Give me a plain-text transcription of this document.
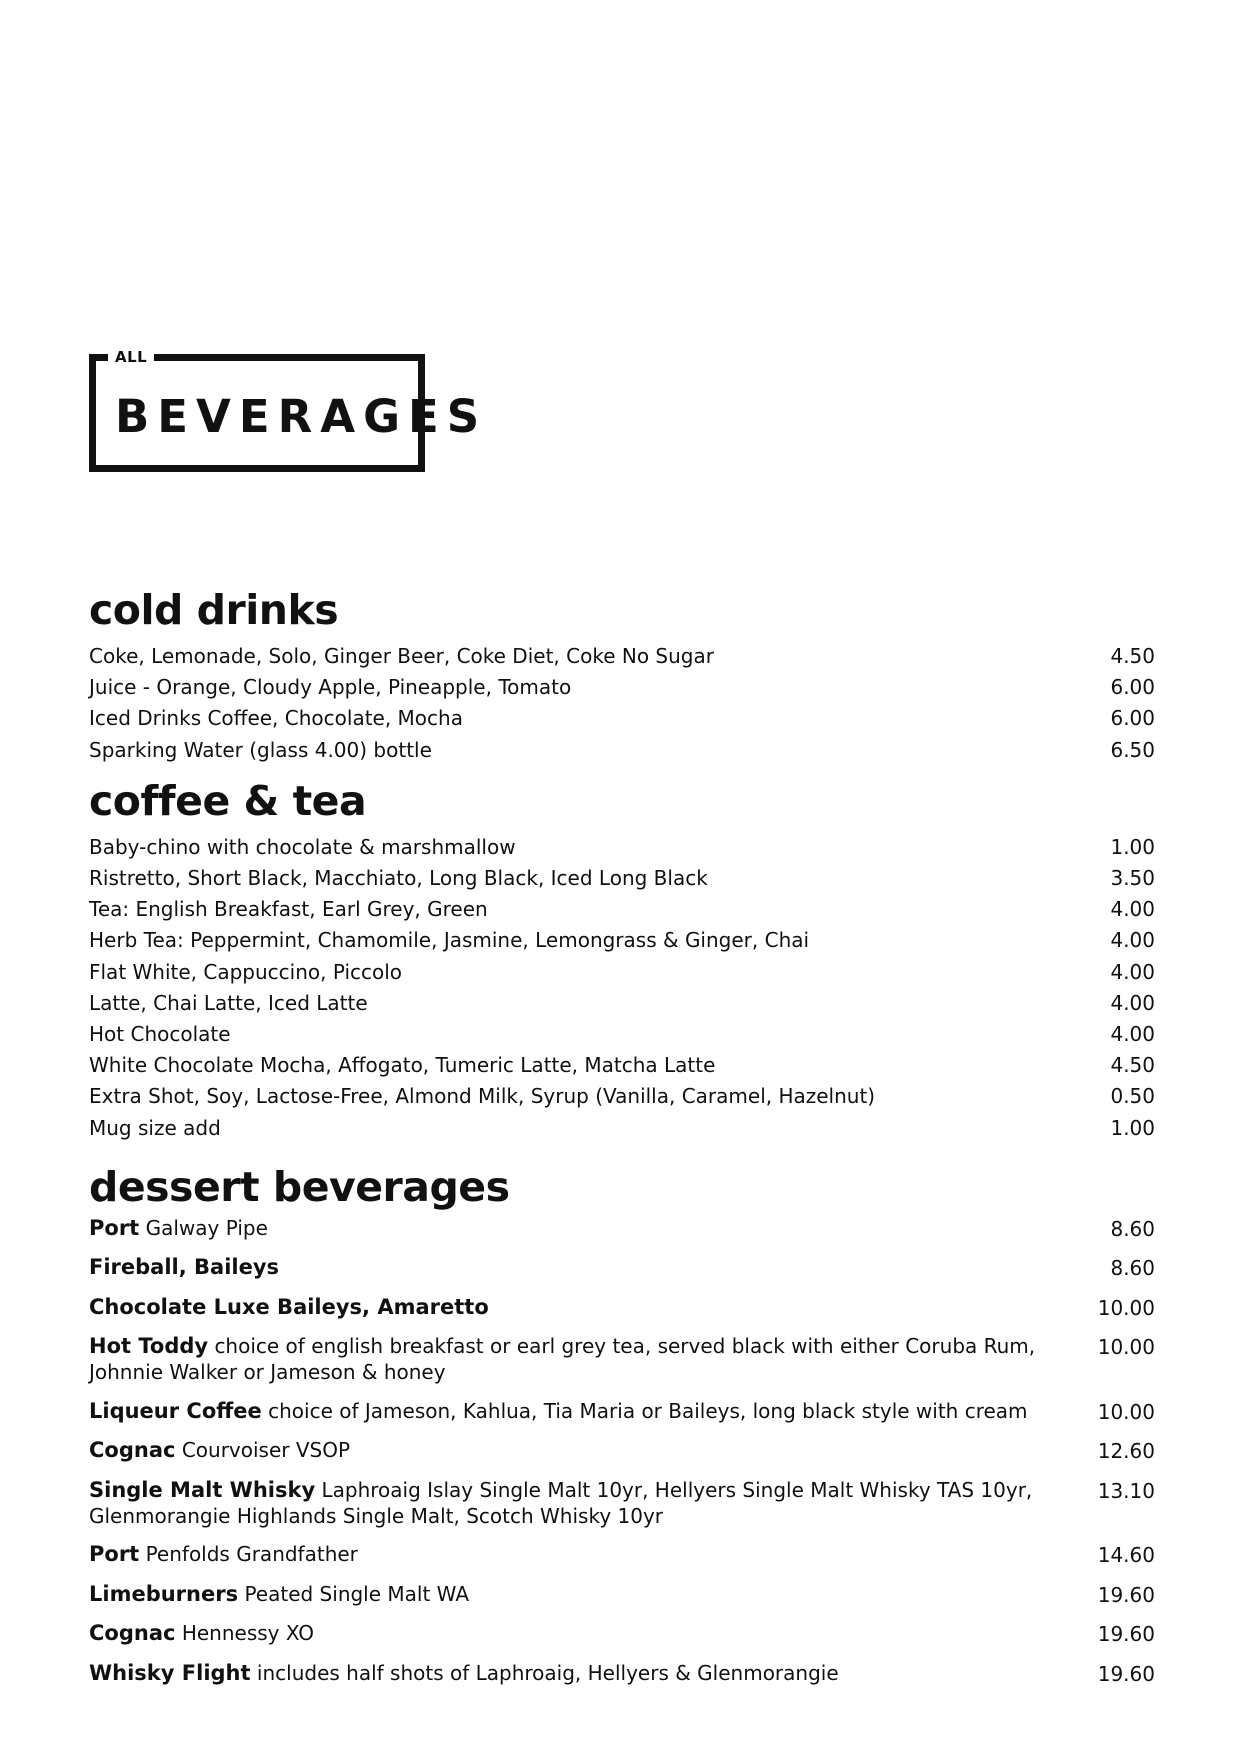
ALL
BEVERAGES
cold drinks
Coke, Lemonade, Solo, Ginger Beer, Coke Diet, Coke No Sugar	4.50
Juice - Orange, Cloudy Apple, Pineapple, Tomato	6.00
Iced Drinks Coffee, Chocolate, Mocha	6.00
Sparking Water (glass 4.00) bottle	6.50
coffee & tea
Baby-chino with chocolate & marshmallow	1.00
Ristretto, Short Black, Macchiato, Long Black, Iced Long Black	3.50
Tea: English Breakfast, Earl Grey, Green	4.00
Herb Tea: Peppermint, Chamomile, Jasmine, Lemongrass & Ginger, Chai	4.00
Flat White, Cappuccino, Piccolo	4.00
Latte, Chai Latte, Iced Latte	4.00
Hot Chocolate	4.00
White Chocolate Mocha, Affogato, Tumeric Latte, Matcha Latte	4.50
Extra Shot, Soy, Lactose-Free, Almond Milk, Syrup (Vanilla, Caramel, Hazelnut)	0.50
Mug size add	1.00
dessert beverages
Port Galway Pipe	8.60
Fireball, Baileys	8.60
Chocolate Luxe Baileys, Amaretto	10.00
Hot Toddy choice of english breakfast or earl grey tea, served black with either Coruba Rum, Johnnie Walker or Jameson & honey
10.00
Liqueur Coffee choice of Jameson, Kahlua, Tia Maria or Baileys, long black style with cream	10.00
Cognac Courvoiser VSOP	12.60
Single Malt Whisky Laphroaig Islay Single Malt 10yr, Hellyers Single Malt Whisky TAS 10yr, Glenmorangie Highlands Single Malt, Scotch Whisky 10yr
13.10
Port Penfolds Grandfather	14.60
Limeburners Peated Single Malt WA	19.60
Cognac Hennessy XO	19.60
Whisky Flight includes half shots of Laphroaig, Hellyers & Glenmorangie	19.60
